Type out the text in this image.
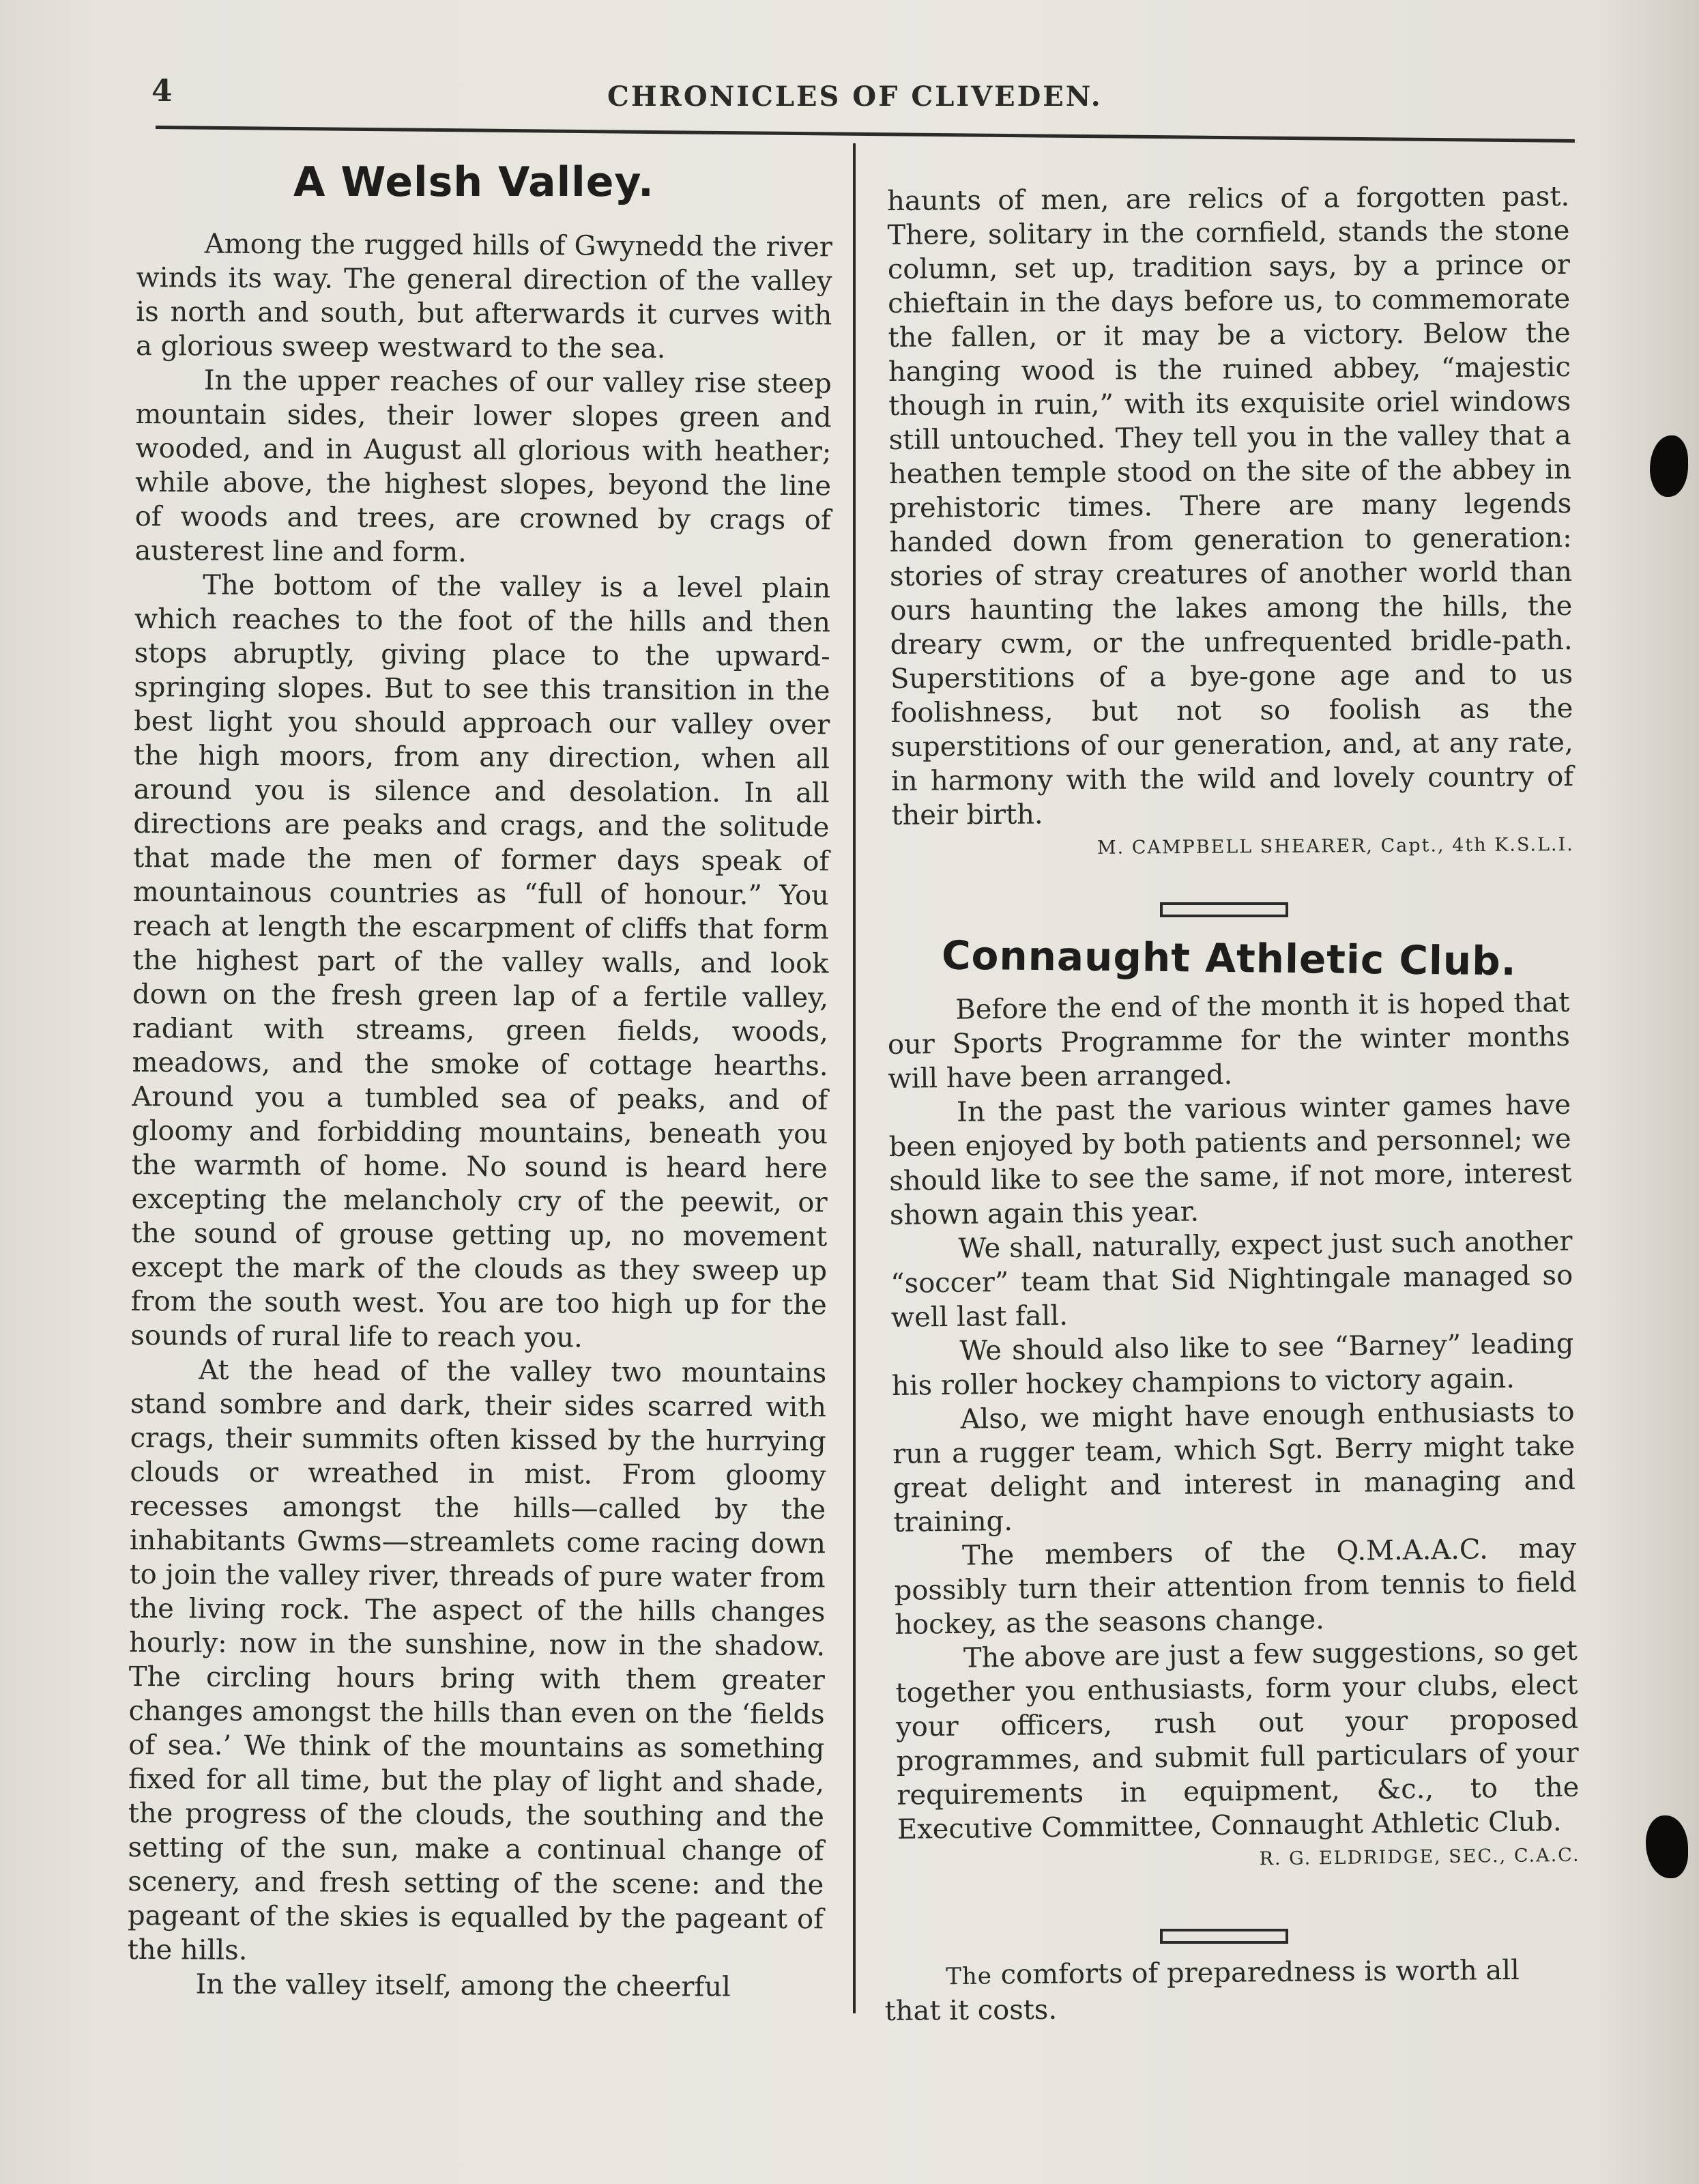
4	CHRONICLES OF CLIVEDEN.
A Welsh Valley.

Among the rugged hills of Gwynedd the river winds its way. The general direction of the valley is north and south, but afterwards it curves with a glorious sweep westward to the sea.

In the upper reaches of our valley rise steep mountain sides, their lower slopes green and wooded, and in August all glorious with heather; while above, the highest slopes, beyond the line of woods and trees, are crowned by crags of austerest line and form.

The bottom of the valley is a level plain which reaches to the foot of the hills and then stops abruptly, giving place to the upward-springing slopes. But to see this transition in the best light you should approach our valley over the high moors, from any direction, when all around you is silence and desolation. In all directions are peaks and crags, and the solitude that made the men of former days speak of mountainous countries as “full of honour.” You reach at length the escarpment of cliffs that form the highest part of the valley walls, and look down on the fresh green lap of a fertile valley, radiant with streams, green fields, woods, meadows, and the smoke of cottage hearths. Around you a tumbled sea of peaks, and of gloomy and forbidding mountains, beneath you the warmth of home. No sound is heard here excepting the melancholy cry of the peewit, or the sound of grouse getting up, no movement except the mark of the clouds as they sweep up from the south west. You are too high up for the sounds of rural life to reach you.

At the head of the valley two mountains stand sombre and dark, their sides scarred with crags, their summits often kissed by the hurrying clouds or wreathed in mist. From gloomy recesses amongst the hills—called by the inhabitants Gwms—streamlets come racing down to join the valley river, threads of pure water from the living rock. The aspect of the hills changes hourly: now in the sunshine, now in the shadow. The circling hours bring with them greater changes amongst the hills than even on the ‘fields of sea.’ We think of the mountains as something fixed for all time, but the play of light and shade, the progress of the clouds, the southing and the setting of the sun, make a continual change of scenery, and fresh setting of the scene: and the pageant of the skies is equalled by the pageant of the hills.

In the valley itself, among the cheerful

haunts of men, are relics of a forgotten past. There, solitary in the cornfield, stands the stone column, set up, tradition says, by a prince or chieftain in the days before us, to commemorate the fallen, or it may be a victory. Below the hanging wood is the ruined abbey, “majestic though in ruin,” with its exquisite oriel windows still untouched. They tell you in the valley that a heathen temple stood on the site of the abbey in prehistoric times. There are many legends handed down from generation to generation: stories of stray creatures of another world than ours haunting the lakes among the hills, the dreary cwm, or the unfrequented bridle-path. Superstitions of a bye-gone age and to us foolishness, but not so foolish as the superstitions of our generation, and, at any rate, in harmony with the wild and lovely country of their birth.

M. CAMPBELL SHEARER, Capt., 4th K.S.L.I.

Connaught Athletic Club.

Before the end of the month it is hoped that our Sports Programme for the winter months will have been arranged.

In the past the various winter games have been enjoyed by both patients and personnel; we should like to see the same, if not more, interest shown again this year.

We shall, naturally, expect just such another “soccer” team that Sid Nightingale managed so well last fall.

We should also like to see “Barney” leading his roller hockey champions to victory again.

Also, we might have enough enthusiasts to run a rugger team, which Sgt. Berry might take great delight and interest in managing and training.

The members of the Q.M.A.A.C. may possibly turn their attention from tennis to field hockey, as the seasons change.

The above are just a few suggestions, so get together you enthusiasts, form your clubs, elect your officers, rush out your proposed programmes, and submit full particulars of your requirements in equipment, &c., to the Executive Committee, Connaught Athletic Club.

R. G. ELDRIDGE, SEC., C.A.C.

The comforts of preparedness is worth all that it costs.
